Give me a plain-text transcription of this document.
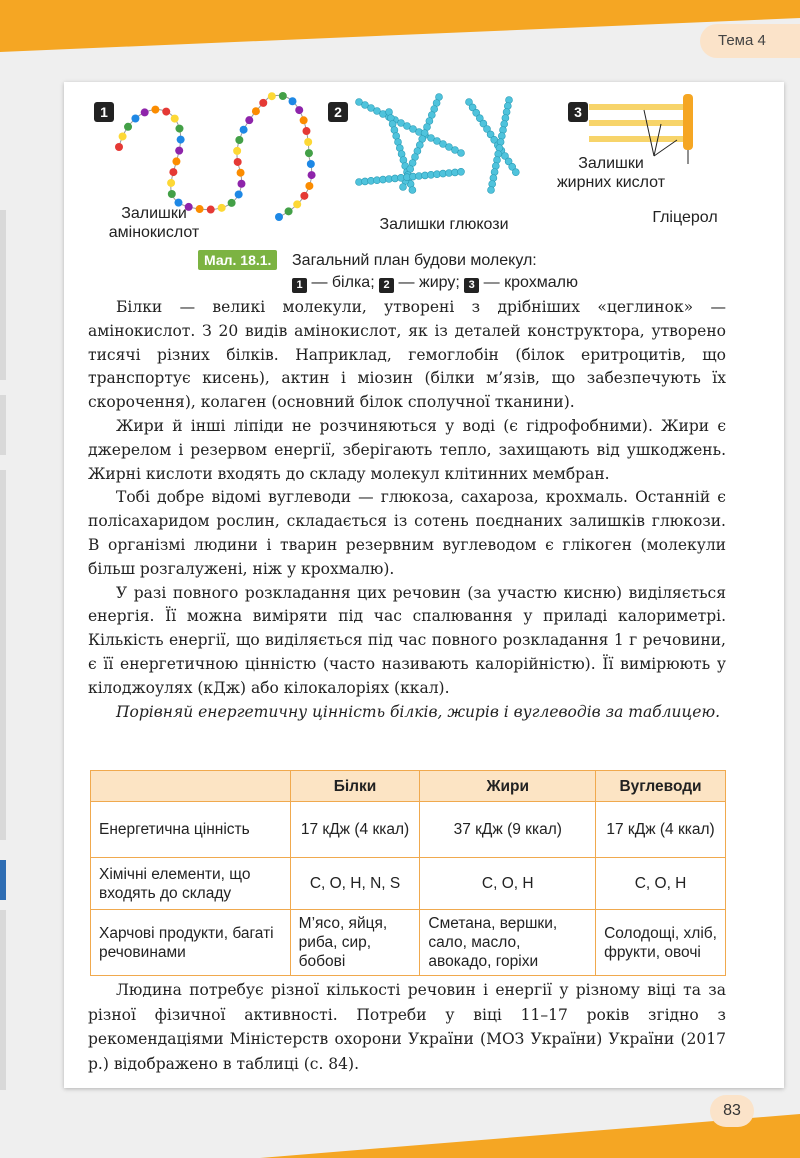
Тема 4
1
Залишки
амінокислот
2
Залишки глюкози
3
Залишки
жирних кислот
Гліцерол
Мал. 18.1.	Загальний план будови молекул:
1 — білка; 2 — жиру; 3 — крохмалю

Білки — великі молекули, утворені з дрібніших «цеглинок» — амінокислот. З 20 видів амінокислот, як із деталей конструктора, утворено тисячі різних білків. Наприклад, гемоглобін (білок еритроцитів, що транспортує кисень), актин і міозин (білки м’язів, що забезпечують їх скорочення), колаген (основний білок сполучної тканини).

Жири й інші ліпіди не розчиняються у воді (є гідрофобними). Жири є джерелом і резервом енергії, зберігають тепло, захищають від ушкоджень. Жирні кислоти входять до складу молекул клітинних мембран.

Тобі добре відомі вуглеводи — глюкоза, сахароза, крохмаль. Останній є полісахаридом рослин, складається із сотень поєднаних залишків глюкози. В організмі людини і тварин резервним вуглеводом є глікоген (молекули більш розгалужені, ніж у крохмалю).

У разі повного розкладання цих речовин (за участю кисню) виділяється енергія. Її можна виміряти під час спалювання у приладі калориметрі. Кількість енергії, що виділяється під час повного розкладання 1 г речовини, є її енергетичною цінністю (часто називають калорійністю). Її вимірюють у кілоджоулях (кДж) або кілокалоріях (ккал).

Порівняй енергетичну цінність білків, жирів і вуглеводів за таблицею.

	Білки	Жири	Вуглеводи
Енергетична цінність	17 кДж (4 ккал)	37 кДж (9 ккал)	17 кДж (4 ккал)
Хімічні елементи, що входять до складу	C, O, H, N, S	C, O, H	C, O, H
Харчові продукти, багаті речовинами	М’ясо, яйця, риба, сир, бобові	Сметана, вершки, сало, масло, авокадо, горіхи	Солодощі, хліб, фрукти, овочі

Людина потребує різної кількості речовин і енергії у різному віці та за різної фізичної активності. Потреби у віці 11–17 років згідно з рекомендаціями Міністерств охорони України (МОЗ України) України (2017 р.) відображено в таблиці (с. 84).

83
